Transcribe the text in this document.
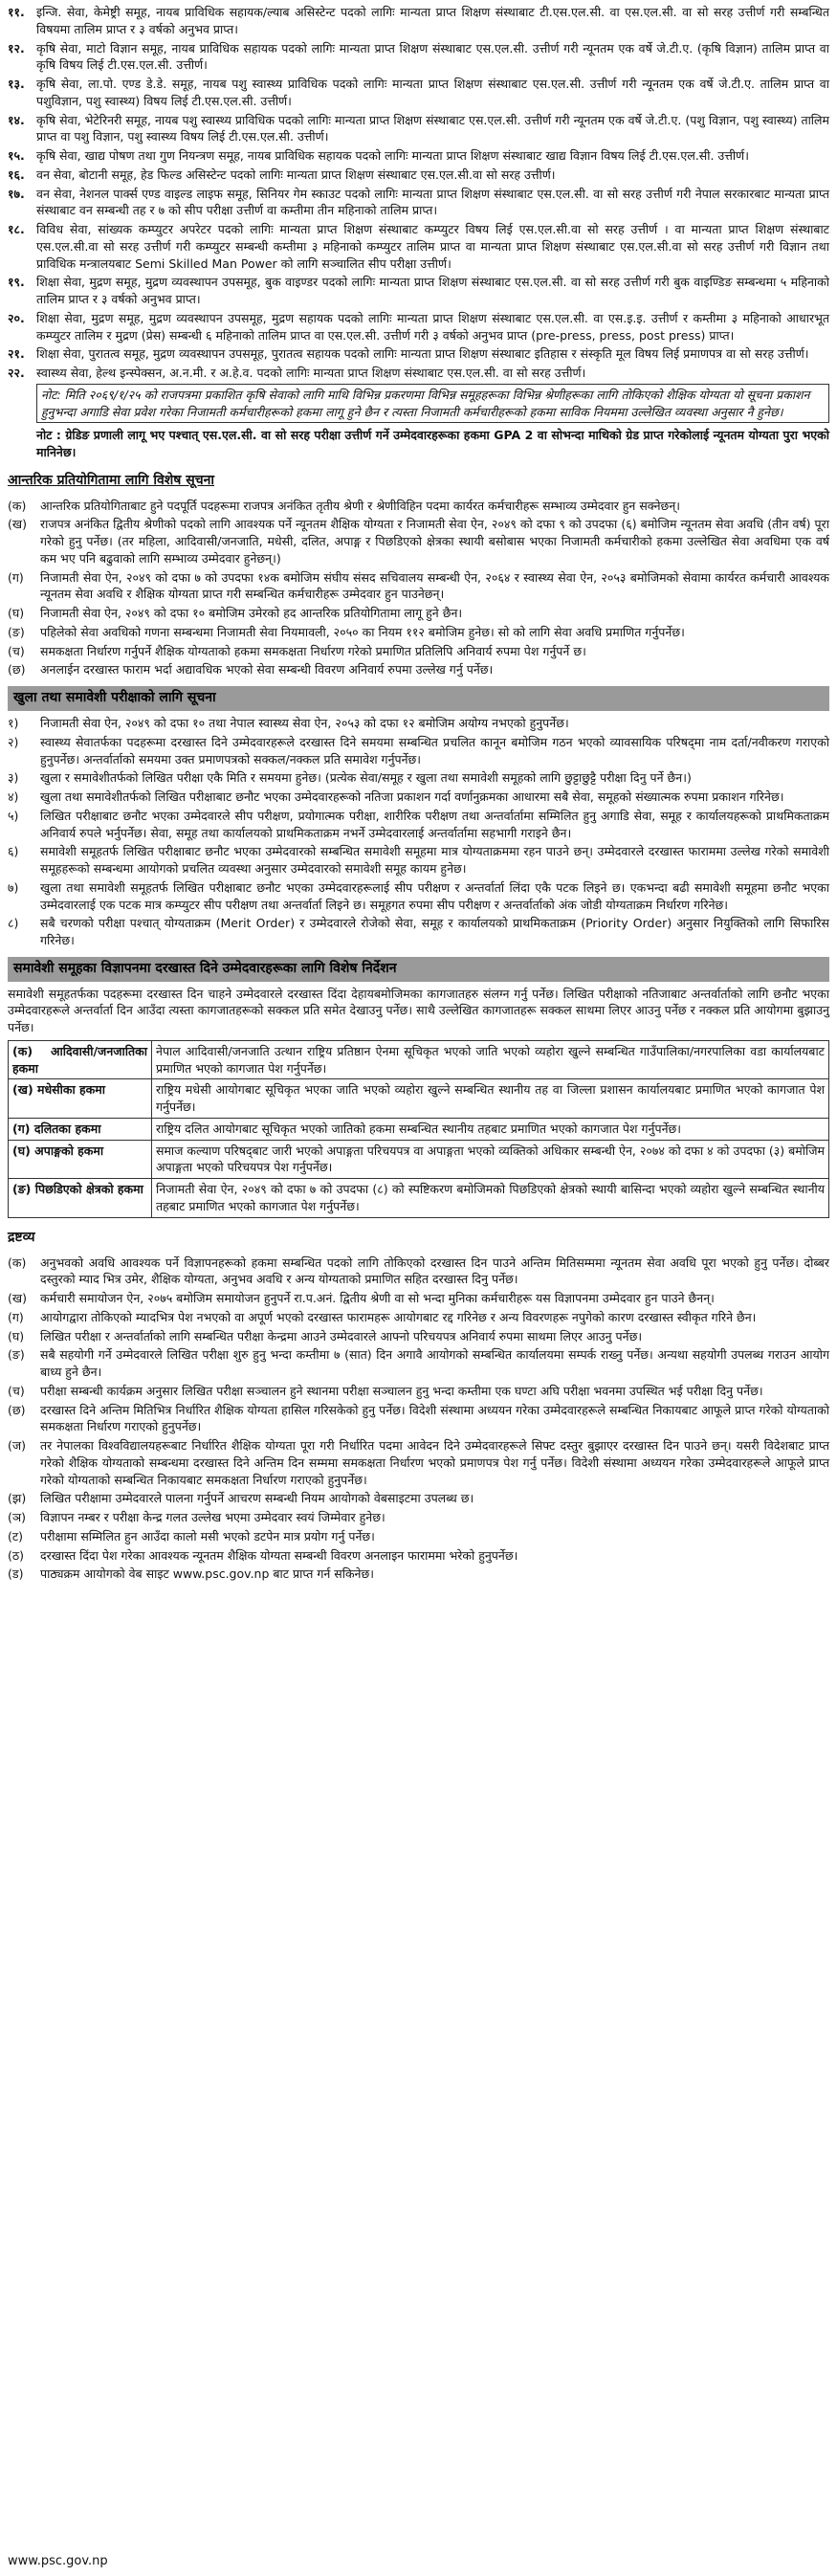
११. इन्जि. सेवा, केमेष्ट्री समूह, नायब प्राविधिक सहायक/ल्याब असिस्टेन्ट पदको लागिः मान्यता प्राप्त शिक्षण संस्थाबाट टी.एस.एल.सी. वा एस.एल.सी. वा सो सरह उत्तीर्ण गरी सम्बन्धित विषयमा तालिम प्राप्त र ३ वर्षको अनुभव प्राप्त।
१२. कृषि सेवा, माटो विज्ञान समूह, नायब प्राविधिक सहायक पदको लागिः मान्यता प्राप्त शिक्षण संस्थाबाट एस.एल.सी. उत्तीर्ण गरी न्यूनतम एक वर्षे जे.टी.ए. (कृषि विज्ञान) तालिम प्राप्त वा कृषि विषय लिई टी.एस.एल.सी. उत्तीर्ण।
१३. कृषि सेवा, ला.पो. एण्ड डे.डे. समूह, नायब पशु स्वास्थ्य प्राविधिक पदको लागिः मान्यता प्राप्त शिक्षण संस्थाबाट एस.एल.सी. उत्तीर्ण गरी न्यूनतम एक वर्षे जे.टी.ए. तालिम प्राप्त वा पशुविज्ञान, पशु स्वास्थ्य) विषय लिई टी.एस.एल.सी. उत्तीर्ण।
१४. कृषि सेवा, भेटेरिनरी समूह, नायब पशु स्वास्थ्य प्राविधिक पदको लागिः मान्यता प्राप्त शिक्षण संस्थाबाट एस.एल.सी. उत्तीर्ण गरी न्यूनतम एक वर्षे जे.टी.ए. (पशु विज्ञान, पशु स्वास्थ्य) तालिम प्राप्त वा पशु विज्ञान, पशु स्वास्थ्य विषय लिई टी.एस.एल.सी. उत्तीर्ण।
१५. कृषि सेवा, खाद्य पोषण तथा गुण नियन्त्रण समूह, नायब प्राविधिक सहायक पदको लागिः मान्यता प्राप्त शिक्षण संस्थाबाट खाद्य विज्ञान विषय लिई टी.एस.एल.सी. उत्तीर्ण।
१६. वन सेवा, बोटानी समूह, हेड फिल्ड असिस्टेन्ट पदको लागिः मान्यता प्राप्त शिक्षण संस्थाबाट एस.एल.सी.वा सो सरह उत्तीर्ण।
१७. वन सेवा, नेशनल पार्क्स एण्ड वाइल्ड लाइफ समूह, सिनियर गेम स्काउट पदको लागिः मान्यता प्राप्त शिक्षण संस्थाबाट एस.एल.सी. वा सो सरह उत्तीर्ण गरी नेपाल सरकारबाट मान्यता प्राप्त संस्थाबाट वन सम्बन्धी तह र ७ को सीप परीक्षा उत्तीर्ण वा कम्तीमा तीन महिनाको तालिम प्राप्त।
१८. विविध सेवा, सांख्यक कम्प्युटर अपरेटर पदको लागिः मान्यता प्राप्त शिक्षण संस्थाबाट कम्प्युटर विषय लिई एस.एल.सी.वा सो सरह उत्तीर्ण । वा मान्यता प्राप्त शिक्षण संस्थाबाट एस.एल.सी.वा सो सरह उत्तीर्ण गरी कम्प्युटर सम्बन्धी कम्तीमा ३ महिनाको कम्प्युटर तालिम प्राप्त वा मान्यता प्राप्त शिक्षण संस्थाबाट एस.एल.सी.वा सो सरह उत्तीर्ण गरी विज्ञान तथा प्राविधिक मन्त्रालयबाट Semi Skilled Man Power को लागि सञ्चालित सीप परीक्षा उत्तीर्ण।
१९. शिक्षा सेवा, मुद्रण समूह, मुद्रण व्यवस्थापन उपसमूह, बुक वाइण्डर पदको लागिः मान्यता प्राप्त शिक्षण संस्थाबाट एस.एल.सी. वा सो सरह उत्तीर्ण गरी बुक वाइण्डिङ सम्बन्धमा ५ महिनाको तालिम प्राप्त र ३ वर्षको अनुभव प्राप्त।
२०. शिक्षा सेवा, मुद्रण समूह, मुद्रण व्यवस्थापन उपसमूह, मुद्रण सहायक पदको लागिः मान्यता प्राप्त शिक्षण संस्थाबाट एस.एल.सी. वा एस.इ.इ. उत्तीर्ण र कम्तीमा ३ महिनाको आधारभूत कम्प्युटर तालिम र मुद्रण (प्रेस) सम्बन्धी ६ महिनाको तालिम प्राप्त वा एस.एल.सी. उत्तीर्ण गरी ३ वर्षको अनुभव प्राप्त (pre-press, press, post press) प्राप्त।
२१. शिक्षा सेवा, पुरातत्व समूह, मुद्रण व्यवस्थापन उपसमूह, पुरातत्व सहायक पदको लागिः मान्यता प्राप्त शिक्षण संस्थाबाट इतिहास र संस्कृति मूल विषय लिई प्रमाणपत्र वा सो सरह उत्तीर्ण।
२२. स्वास्थ्य सेवा, हेल्थ इन्स्पेक्सन, अ.न.मी. र अ.हे.व. पदको लागिः मान्यता प्राप्त शिक्षण संस्थाबाट एस.एल.सी. वा सो सरह उत्तीर्ण।
नोट: मिति २०६९/१/२५ को राजपत्रमा प्रकाशित कृषि सेवाको लागि माथि विभिन्न प्रकरणमा विभिन्न समूहहरूका विभिन्न श्रेणीहरूका लागि तोकिएको शैक्षिक योग्यता यो सूचना प्रकाशन हुनुभन्दा अगाडि सेवा प्रवेश गरेका निजामती कर्मचारीहरूको हकमा लागू हुने छैन र त्यस्ता निजामती कर्मचारीहरूको हकमा साविक नियममा उल्लेखित व्यवस्था अनुसार नै हुनेछ।
नोट : ग्रेडिङ प्रणाली लागू भए पश्चात् एस.एल.सी. वा सो सरह परीक्षा उत्तीर्ण गर्ने उम्मेदवारहरूका हकमा GPA 2 वा सोभन्दा माथिको ग्रेड प्राप्त गरेकोलाई न्यूनतम योग्यता पुरा भएको मानिनेछ।
आन्तरिक प्रतियोगितामा लागि विशेष सूचना
(क)	आन्तरिक प्रतियोगिताबाट हुने पदपूर्ति पदहरूमा राजपत्र अनंकित तृतीय श्रेणी र श्रेणीविहिन पदमा कार्यरत कर्मचारीहरू सम्भाव्य उम्मेदवार हुन सक्नेछन्।
(ख)	राजपत्र अनंकित द्वितीय श्रेणीको पदको लागि आवश्यक पर्ने न्यूनतम शैक्षिक योग्यता र निजामती सेवा ऐन, २०४९ को दफा ९ को उपदफा (६) बमोजिम न्यूनतम सेवा अवधि (तीन वर्ष) पूरा गरेको हुनु पर्नेछ। (तर महिला, आदिवासी/जनजाति, मधेसी, दलित, अपाङ्ग र पिछडिएको क्षेत्रका स्थायी बसोबास भएका निजामती कर्मचारीको हकमा उल्लेखित सेवा अवधिमा एक वर्ष कम भए पनि बढुवाको लागि सम्भाव्य उम्मेदवार हुनेछन्।)
(ग)	निजामती सेवा ऐन, २०४९ को दफा ७ को उपदफा १४क बमोजिम संघीय संसद सचिवालय सम्बन्धी ऐन, २०६४ र स्वास्थ्य सेवा ऐन, २०५३ बमोजिमको सेवामा कार्यरत कर्मचारी आवश्यक न्यूनतम सेवा अवधि र शैक्षिक योग्यता प्राप्त गरी सम्बन्धित कर्मचारीहरू उम्मेदवार हुन पाउनेछन्।
(घ)	निजामती सेवा ऐन, २०४९ को दफा १० बमोजिम उमेरको हद आन्तरिक प्रतियोगितामा लागू हुने छैन।
(ङ)	पहिलेको सेवा अवधिको गणना सम्बन्धमा निजामती सेवा नियमावली, २०५० का नियम ११२ बमोजिम हुनेछ। सो को लागि सेवा अवधि प्रमाणित गर्नुपर्नेछ।
(च)	समकक्षता निर्धारण गर्नुपर्ने शैक्षिक योग्यताको हकमा समकक्षता निर्धारण गरेको प्रमाणित प्रतिलिपि अनिवार्य रुपमा पेश गर्नुपर्ने छ।
(छ)	अनलाईन दरखास्त फाराम भर्दा अद्यावधिक भएको सेवा सम्बन्धी विवरण अनिवार्य रुपमा उल्लेख गर्नु पर्नेछ।
खुला तथा समावेशी परीक्षाको लागि सूचना
१)	निजामती सेवा ऐन, २०४९ को दफा १० तथा नेपाल स्वास्थ्य सेवा ऐन, २०५३ को दफा १२ बमोजिम अयोग्य नभएको हुनुपर्नेछ।
२)	स्वास्थ्य सेवातर्फका पदहरूमा दरखास्त दिने उम्मेदवारहरूले दरखास्त दिने समयमा सम्बन्धित प्रचलित कानून बमोजिम गठन भएको व्यावसायिक परिषद्‌मा नाम दर्ता/नवीकरण गराएको हुनुपर्नेछ। अन्तर्वार्ताको समयमा उक्त प्रमाणपत्रको सक्कल/नक्कल प्रति समावेश गर्नुपर्नेछ।
३)	खुला र समावेशीतर्फको लिखित परीक्षा एकै मिति र समयमा हुनेछ। (प्रत्येक सेवा/समूह र खुला तथा समावेशी समूहको लागि छुट्टाछुट्टै परीक्षा दिनु पर्ने छैन।)
४)	खुला तथा समावेशीतर्फको लिखित परीक्षाबाट छनौट भएका उम्मेदवारहरूको नतिजा प्रकाशन गर्दा वर्णानुक्रमका आधारमा सबै सेवा, समूहको संख्यात्मक रुपमा प्रकाशन गरिनेछ।
५)	लिखित परीक्षाबाट छनौट भएका उम्मेदवारले सीप परीक्षण, प्रयोगात्मक परीक्षा, शारीरिक परीक्षण तथा अन्तर्वार्तामा सम्मिलित हुनु अगाडि सेवा, समूह र कार्यालयहरूको प्राथमिकताक्रम अनिवार्य रुपले भर्नुपर्नेछ। सेवा, समूह तथा कार्यालयको प्राथमिकताक्रम नभर्ने उम्मेदवारलाई अन्तर्वार्तामा सहभागी गराइने छैन।
६)	समावेशी समूहतर्फ लिखित परीक्षाबाट छनौट भएका उम्मेदवारको सम्बन्धित समावेशी समूहमा मात्र योग्यताक्रममा रहन पाउने छन्। उम्मेदवारले दरखास्त फाराममा उल्लेख गरेको समावेशी समूहहरूको सम्बन्धमा आयोगको प्रचलित व्यवस्था अनुसार उम्मेदवारको समावेशी समूह कायम हुनेछ।
७)	खुला तथा समावेशी समूहतर्फ लिखित परीक्षाबाट छनौट भएका उम्मेदवारहरूलाई सीप परीक्षण र अन्तर्वार्ता लिंदा एकै पटक लिइने छ। एकभन्दा बढी समावेशी समूहमा छनौट भएका उम्मेदवारलाई एक पटक मात्र कम्प्युटर सीप परीक्षण तथा अन्तर्वार्ता लिइने छ। समूहगत रुपमा सीप परीक्षण र अन्तर्वार्ताको अंक जोडी योग्यताक्रम निर्धारण गरिनेछ।
८)	सबै चरणको परीक्षा पश्चात् योग्यताक्रम (Merit Order) र उम्मेदवारले रोजेको सेवा, समूह र कार्यालयको प्राथमिकताक्रम (Priority Order) अनुसार नियुक्तिको लागि सिफारिस गरिनेछ।
समावेशी समूहका विज्ञापनमा दरखास्त दिने उम्मेदवारहरूका लागि विशेष निर्देशन
समावेशी समूहतर्फका पदहरूमा दरखास्त दिन चाहने उम्मेदवारले दरखास्त दिंदा देहायबमोजिमका कागजातहरु संलग्न गर्नु पर्नेछ। लिखित परीक्षाको नतिजाबाट अन्तर्वार्ताको लागि छनौट भएका उम्मेदवारहरूले अन्तर्वार्ता दिन आउँदा त्यस्ता कागजातहरूको सक्कल प्रति समेत देखाउनु पर्नेछ। साथै उल्लेखित कागजातहरू सक्कल साथमा लिएर आउनु पर्नेछ र नक्कल प्रति आयोगमा बुझाउनु पर्नेछ।
(क) आदिवासी/जनजातिका हकमा	नेपाल आदिवासी/जनजाति उत्थान राष्ट्रिय प्रतिष्ठान ऐनमा सूचिकृत भएको जाति भएको व्यहोरा खुल्ने सम्बन्धित गाउँपालिका/नगरपालिका वडा कार्यालयबाट प्रमाणित भएको कागजात पेश गर्नुपर्नेछ।
(ख) मधेसीका हकमा	राष्ट्रिय मधेसी आयोगबाट सूचिकृत भएका जाति भएको व्यहोरा खुल्ने सम्बन्धित स्थानीय तह वा जिल्ला प्रशासन कार्यालयबाट प्रमाणित भएको कागजात पेश गर्नुपर्नेछ।
(ग) दलितका हकमा	राष्ट्रिय दलित आयोगबाट सूचिकृत भएको जातिको हकमा सम्बन्धित स्थानीय तहबाट प्रमाणित भएको कागजात पेश गर्नुपर्नेछ।
(घ) अपाङ्गको हकमा	समाज कल्याण परिषद्‌बाट जारी भएको अपाङ्गता परिचयपत्र वा अपाङ्गता भएको व्यक्तिको अधिकार सम्बन्धी ऐन, २०७४ को दफा ४ को उपदफा (३) बमोजिम अपाङ्गता भएको परिचयपत्र पेश गर्नुपर्नेछ।
(ङ) पिछडिएको क्षेत्रको हकमा	निजामती सेवा ऐन, २०४९ को दफा ७ को उपदफा (८) को स्पष्टिकरण बमोजिमको पिछडिएको क्षेत्रको स्थायी बासिन्दा भएको व्यहोरा खुल्ने सम्बन्धित स्थानीय तहबाट प्रमाणित भएको कागजात पेश गर्नुपर्नेछ।
द्रष्टव्य
(क)	अनुभवको अवधि आवश्यक पर्ने विज्ञापनहरूको हकमा सम्बन्धित पदको लागि तोकिएको दरखास्त दिन पाउने अन्तिम मितिसम्ममा न्यूनतम सेवा अवधि पूरा भएको हुनु पर्नेछ। दोब्बर दस्तुरको म्याद भित्र उमेर, शैक्षिक योग्यता, अनुभव अवधि र अन्य योग्यताको प्रमाणित सहित दरखास्त दिनु पर्नेछ।
(ख)	कर्मचारी समायोजन ऐन, २०७५ बमोजिम समायोजन हुनुपर्ने रा.प.अनं. द्वितीय श्रेणी वा सो भन्दा मुनिका कर्मचारीहरू यस विज्ञापनमा उम्मेदवार हुन पाउने छैनन्।
(ग)	आयोगद्वारा तोकिएको म्यादभित्र पेश नभएको वा अपूर्ण भएको दरखास्त फारामहरू आयोगबाट रद्द गरिनेछ र अन्य विवरणहरू नपुगेको कारण दरखास्त स्वीकृत गरिने छैन।
(घ)	लिखित परीक्षा र अन्तर्वार्ताको लागि सम्बन्धित परीक्षा केन्द्रमा आउने उम्मेदवारले आफ्नो परिचयपत्र अनिवार्य रुपमा साथमा लिएर आउनु पर्नेछ।
(ङ)	सबै सहयोगी गर्ने उम्मेदवारले लिखित परीक्षा शुरु हुनु भन्दा कम्तीमा ७ (सात) दिन अगावै आयोगको सम्बन्धित कार्यालयमा सम्पर्क राख्नु पर्नेछ। अन्यथा सहयोगी उपलब्ध गराउन आयोग बाध्य हुने छैन।
(च)	परीक्षा सम्बन्धी कार्यक्रम अनुसार लिखित परीक्षा सञ्चालन हुने स्थानमा परीक्षा सञ्चालन हुनु भन्दा कम्तीमा एक घण्टा अघि परीक्षा भवनमा उपस्थित भई परीक्षा दिनु पर्नेछ।
(छ)	दरखास्त दिने अन्तिम मितिभित्र निर्धारित शैक्षिक योग्यता हासिल गरिसकेको हुनु पर्नेछ। विदेशी संस्थामा अध्ययन गरेका उम्मेदवारहरूले सम्बन्धित निकायबाट आफूले प्राप्त गरेको योग्यताको समकक्षता निर्धारण गराएको हुनुपर्नेछ।
(ज)	तर नेपालका विश्वविद्यालयहरूबाट निर्धारित शैक्षिक योग्यता पूरा गरी निर्धारित पदमा आवेदन दिने उम्मेदवारहरूले सिफ्ट दस्तुर बुझाएर दरखास्त दिन पाउने छन्। यसरी विदेशबाट प्राप्त गरेको शैक्षिक योग्यताको सम्बन्धमा दरखास्त दिने अन्तिम दिन सम्ममा समकक्षता निर्धारण भएको प्रमाणपत्र पेश गर्नु पर्नेछ। विदेशी संस्थामा अध्ययन गरेका उम्मेदवारहरूले आफूले प्राप्त गरेको योग्यताको सम्बन्धित निकायबाट समकक्षता निर्धारण गराएको हुनुपर्नेछ।
(झ)	लिखित परीक्षामा उम्मेदवारले पालना गर्नुपर्ने आचरण सम्बन्धी नियम आयोगको वेबसाइटमा उपलब्ध छ।
(ञ)	विज्ञापन नम्बर र परीक्षा केन्द्र गलत उल्लेख भएमा उम्मेदवार स्वयं जिम्मेवार हुनेछ।
(ट)	परीक्षामा सम्मिलित हुन आउँदा कालो मसी भएको डटपेन मात्र प्रयोग गर्नु पर्नेछ।
(ठ)	दरखास्त दिंदा पेश गरेका आवश्यक न्यूनतम शैक्षिक योग्यता सम्बन्धी विवरण अनलाइन फाराममा भरेको हुनुपर्नेछ।
(ड)	पाठ्यक्रम आयोगको वेब साइट www.psc.gov.np बाट प्राप्त गर्न सकिनेछ।
www.psc.gov.np
